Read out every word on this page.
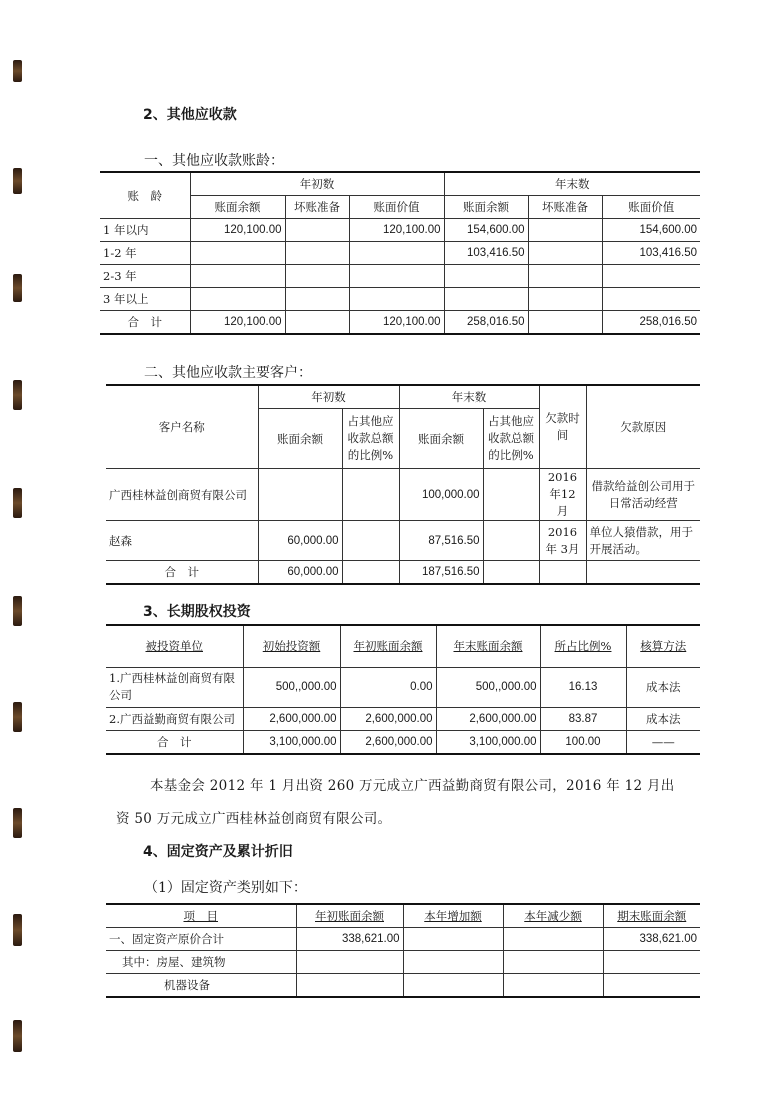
2、其他应收款
一、其他应收款账龄：
账　龄	年初数			年末数		
	账面余额	坏账准备	账面价值	账面余额	坏账准备	账面价值
1 年以内	120,100.00		120,100.00	154,600.00		154,600.00
1-2 年				103,416.50		103,416.50
2-3 年						
3 年以上						
合　计	120,100.00		120,100.00	258,016.50		258,016.50
二、其他应收款主要客户：
客户名称	年初数		年末数		欠款时间	欠款原因
	账面余额	占其他应收款总额的比例%	账面余额	占其他应收款总额的比例%		
广西桂林益创商贸有限公司			100,000.00		2016 年12 月	借款给益创公司用于日常活动经营
赵森	60,000.00		87,516.50		2016 年 3月	单位人猿借款，用于开展活动。
合　计	60,000.00		187,516.50			
3、长期股权投资
被投资单位	初始投资额	年初账面余额	年末账面余额	所占比例%	核算方法
1.广西桂林益创商贸有限公司	500,,000.00	0.00	500,,000.00	16.13	成本法
2.广西益勤商贸有限公司	2,600,000.00	2,600,000.00	2,600,000.00	83.87	成本法
合　计	3,100,000.00	2,600,000.00	3,100,000.00	100.00	——
本基金会 2012 年 1 月出资 260 万元成立广西益勤商贸有限公司，2016 年 12 月出资 50 万元成立广西桂林益创商贸有限公司。
4、固定资产及累计折旧
（1）固定资产类别如下：
项　目	年初账面余额	本年增加额	本年减少额	期末账面余额
一、固定资产原价合计	338,621.00			338,621.00
其中：房屋、建筑物				
机器设备				
